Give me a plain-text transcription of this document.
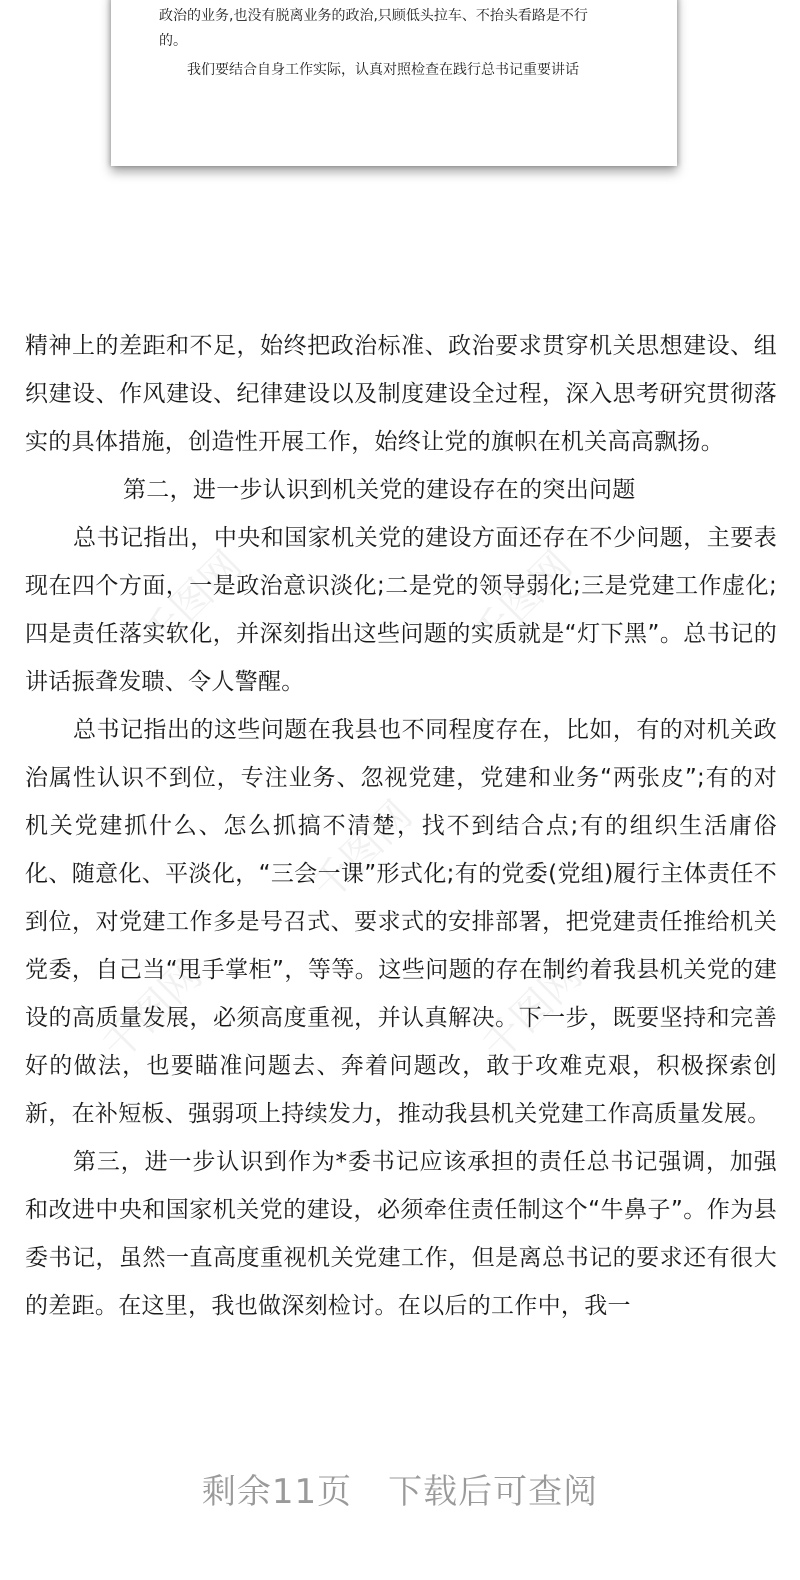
政治的业务,也没有脱离业务的政治,只顾低头拉车、不抬头看路是不行

的。

我们要结合自身工作实际，认真对照检查在践行总书记重要讲话

千图网	千图网
千图网
千图网	千图网

精神上的差距和不足，始终把政治标准、政治要求贯穿机关思想建设、组织建设、作风建设、纪律建设以及制度建设全过程，深入思考研究贯彻落实的具体措施，创造性开展工作，始终让党的旗帜在机关高高飘扬。

第二，进一步认识到机关党的建设存在的突出问题

总书记指出，中央和国家机关党的建设方面还存在不少问题，主要表现在四个方面，一是政治意识淡化;二是党的领导弱化;三是党建工作虚化;四是责任落实软化，并深刻指出这些问题的实质就是“灯下黑”。总书记的讲话振聋发聩、令人警醒。

总书记指出的这些问题在我县也不同程度存在，比如，有的对机关政治属性认识不到位，专注业务、忽视党建，党建和业务“两张皮”;有的对机关党建抓什么、怎么抓搞不清楚，找不到结合点;有的组织生活庸俗化、随意化、平淡化，“三会一课”形式化;有的党委(党组)履行主体责任不到位，对党建工作多是号召式、要求式的安排部署，把党建责任推给机关党委，自己当“甩手掌柜”，等等。这些问题的存在制约着我县机关党的建设的高质量发展，必须高度重视，并认真解决。下一步，既要坚持和完善好的做法，也要瞄准问题去、奔着问题改，敢于攻难克艰，积极探索创新，在补短板、强弱项上持续发力，推动我县机关党建工作高质量发展。

第三，进一步认识到作为*委书记应该承担的责任总书记强调，加强和改进中央和国家机关党的建设，必须牵住责任制这个“牛鼻子”。作为县委书记，虽然一直高度重视机关党建工作，但是离总书记的要求还有很大的差距。在这里，我也做深刻检讨。在以后的工作中，我一

剩余11页 下载后可查阅
